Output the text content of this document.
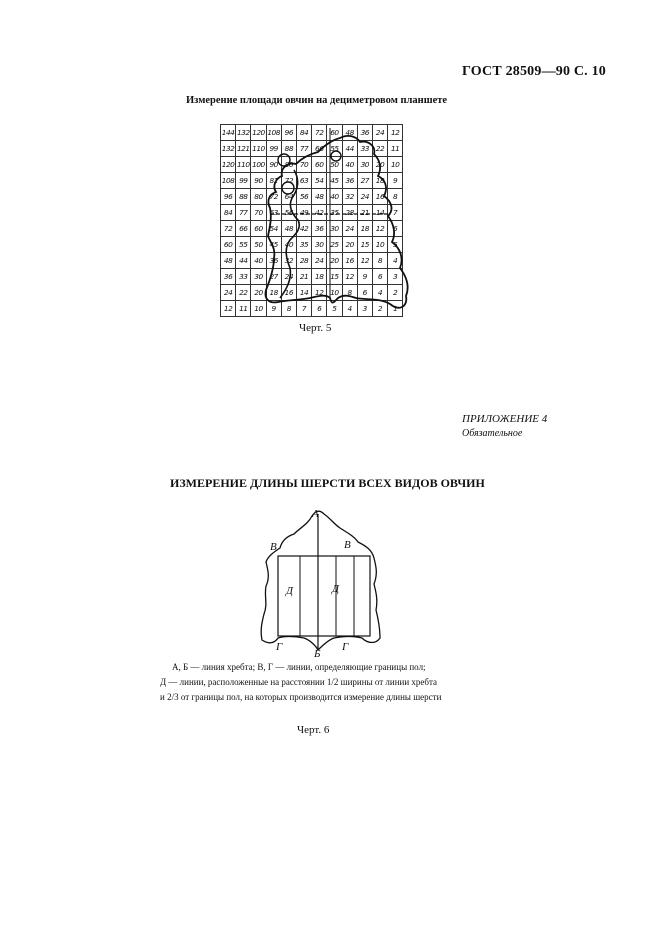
ГОСТ 28509—90 С. 10
Измерение площади овчин на дециметровом планшете
144	132	120	108	96	84	72	60	48	36	24	12
132	121	110	99	88	77	66	55	44	33	22	11
120	110	100	90	80	70	60	50	40	30	20	10
108	99	90	81	72	63	54	45	36	27	18	9
96	88	80	72	64	56	48	40	32	24	16	8
84	77	70	63	56	49	42	35	28	21	14	7
72	66	60	54	48	42	36	30	24	18	12	6
60	55	50	45	40	35	30	25	20	15	10	5
48	44	40	36	32	28	24	20	16	12	8	4
36	33	30	27	24	21	18	15	12	9	6	3
24	22	20	18	16	14	12	10	8	6	4	2
12	11	10	9	8	7	6	5	4	3	2	1
Черт. 5
ПРИЛОЖЕНИЕ 4
Обязательное
ИЗМЕРЕНИЕ ДЛИНЫ ШЕРСТИ ВСЕХ ВИДОВ ОВЧИН
А
Б
В	В
Г	Г
Д	Д
А, Б — линия хребта; В, Г — линии, определяющие границы пол;
Д — линии, расположенные на расстоянии 1/2 ширины от линии хребта
и 2/3 от границы пол, на которых производится измерение длины шерсти
Черт. 6
